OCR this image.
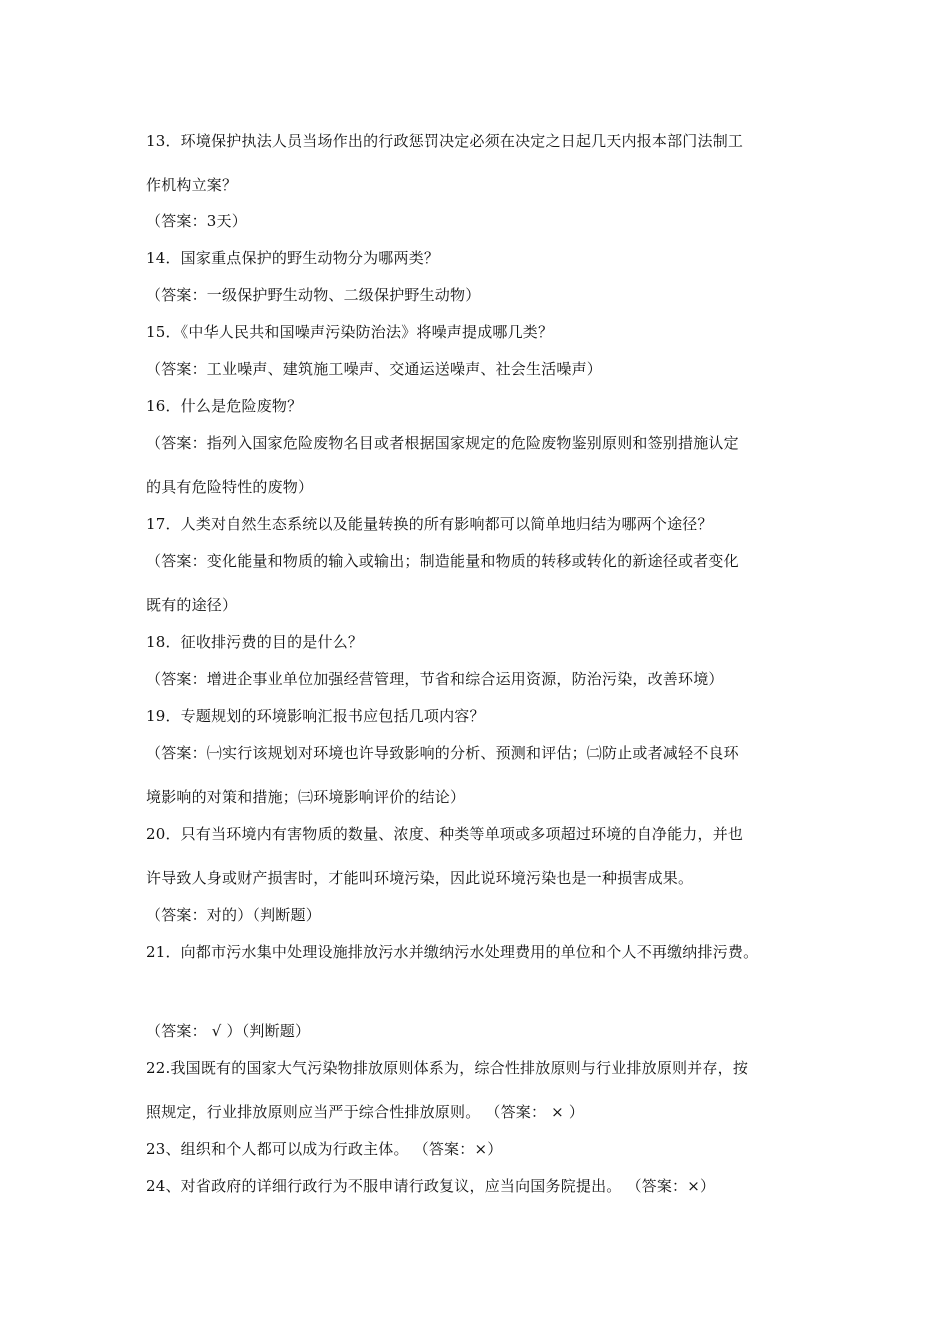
13．环境保护执法人员当场作出的行政惩罚决定必须在决定之日起几天内报本部门法制工
作机构立案？
（答案：3天）
14．国家重点保护的野生动物分为哪两类？
（答案：一级保护野生动物、二级保护野生动物）
15．《中华人民共和国噪声污染防治法》将噪声提成哪几类？
（答案：工业噪声、建筑施工噪声、交通运送噪声、社会生活噪声）
16．什么是危险废物？
（答案：指列入国家危险废物名目或者根据国家规定的危险废物鉴别原则和签别措施认定
的具有危险特性的废物）
17．人类对自然生态系统以及能量转换的所有影响都可以简单地归结为哪两个途径？
（答案：变化能量和物质的输入或输出；制造能量和物质的转移或转化的新途径或者变化
既有的途径）
18．征收排污费的目的是什么？
（答案：增进企事业单位加强经营管理，节省和综合运用资源，防治污染，改善环境）
19．专题规划的环境影响汇报书应包括几项内容？
（答案：㈠实行该规划对环境也许导致影响的分析、预测和评估；㈡防止或者减轻不良环
境影响的对策和措施；㈢环境影响评价的结论）
20．只有当环境内有害物质的数量、浓度、种类等单项或多项超过环境的自净能力，并也
许导致人身或财产损害时，才能叫环境污染，因此说环境污染也是一种损害成果。
（答案：对的）（判断题）
21．向都市污水集中处理设施排放污水并缴纳污水处理费用的单位和个人不再缴纳排污费。
（答案： √ ）（判断题）
22.我国既有的国家大气污染物排放原则体系为，综合性排放原则与行业排放原则并存，按
照规定，行业排放原则应当严于综合性排放原则。 （答案： × ）
23、组织和个人都可以成为行政主体。 （答案：×）
24、对省政府的详细行政行为不服申请行政复议，应当向国务院提出。 （答案：×）
